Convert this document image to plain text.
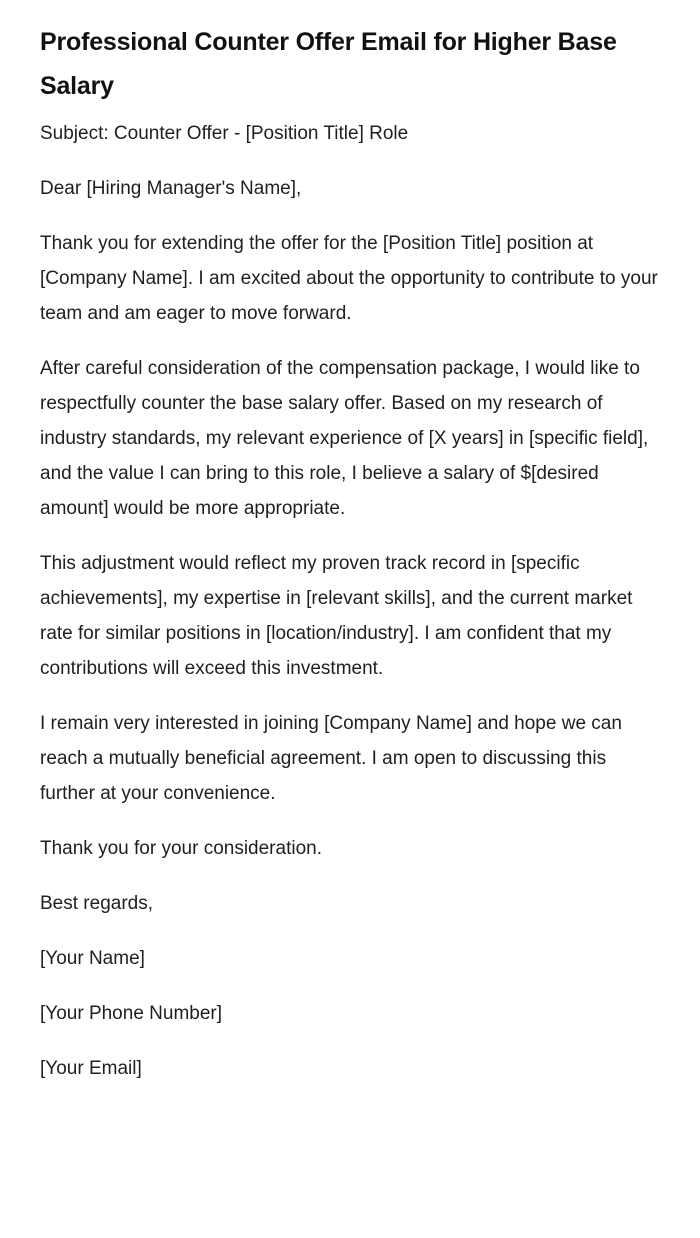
Professional Counter Offer Email for Higher Base Salary

Subject: Counter Offer - [Position Title] Role

Dear [Hiring Manager's Name],

Thank you for extending the offer for the [Position Title] position at [Company Name]. I am excited about the opportunity to contribute to your team and am eager to move forward.

After careful consideration of the compensation package, I would like to respectfully counter the base salary offer. Based on my research of industry standards, my relevant experience of [X years] in [specific field], and the value I can bring to this role, I believe a salary of $[desired amount] would be more appropriate.

This adjustment would reflect my proven track record in [specific achievements], my expertise in [relevant skills], and the current market rate for similar positions in [location/industry]. I am confident that my contributions will exceed this investment.

I remain very interested in joining [Company Name] and hope we can reach a mutually beneficial agreement. I am open to discussing this further at your convenience.

Thank you for your consideration.

Best regards,

[Your Name]

[Your Phone Number]

[Your Email]
